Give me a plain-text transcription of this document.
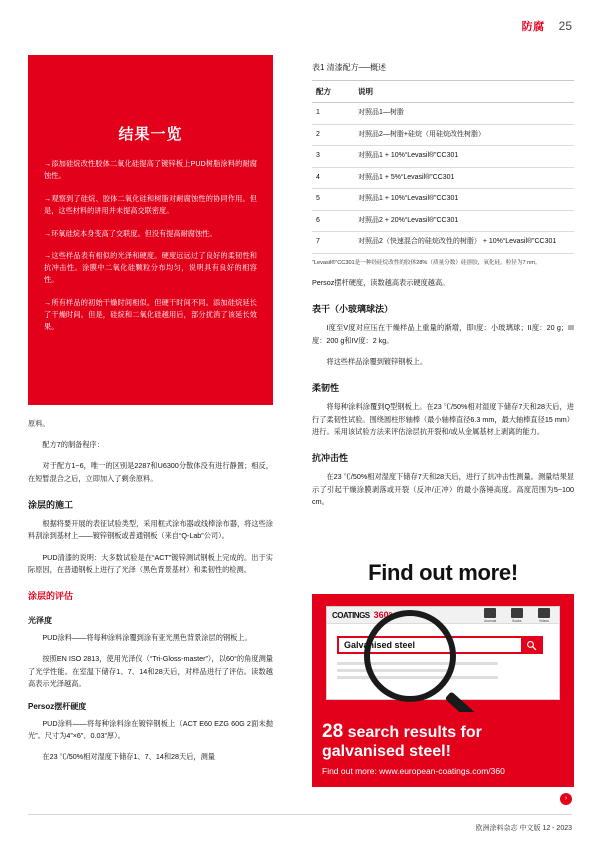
防腐 25
结果一览

→添加硅烷改性胶体二氧化硅提高了镀锌板上PUD树脂涂料的耐腐蚀性。

→观察到了硅烷、胶体二氧化硅和树脂对耐腐蚀性的协同作用。但是，这些材料的讲用并未提高交联密度。

→环氧硅烷本身变高了交联度。但没有提高耐腐蚀性。

→这些样品表有相似的光泽和硬度。硬度远远过了良好的柔韧性和抗冲击性。涂膜中二氧化硅颗粒分布均匀，说明具有良好的相容性。

→所有样品的初始干燥时间相似。但硬干时间不同。添加硅烷延长了干燥时间。但是，硅烷和二氧化硅越用后，部分扰消了该延长效果。

原料。

配方7的制备程序：

对于配方1~6，唯一的区别是2287和U6300分散体没有进行静置；相反，在短暂混合之后，立即加入了剩余原料。

涂层的施工

根据将要开展的表征试验类型，采用框式涂布器或线棒涂布器，将这些涂料刮涂到基材上——镀锌钢板或普通钢板（来自“Q-Lab”公司）。

PUD清漆的说明：大多数试验是在“ACT”镀锌测试钢板上完成的。出于实际原因，在普通钢板上进行了光泽（黑色背景基材）和柔韧性的检测。

涂层的评估
光泽度

PUD涂料——将每种涂料涂覆到涂有亚光黑色背景涂层的钢板上。

按照EN ISO 2813，使用光泽仪（“Tri-Gloss-master”），以60°的角度测量了光学性能。在室温下储存1、7、14和28天后，对样品进行了评估。读数越高表示光泽越高。

Persoz摆杆硬度

PUD涂料——将每种涂料涂在镀锌钢板上（ACT E60 EZG 60G 2面未抛光”。尺寸为4”×6”、0.03”厚）。

在23 ℃/50%相对湿度下储存1、7、14和28天后，测量

表1 清漆配方──概述
配方	说明
1	对照品1—树脂
2	对照品2—树脂+硅烷（用硅烷改性树脂）
3	对照品1 + 10%“Levasil®”CC301
4	对照品1 + 5%“Levasil®”CC301
5	对照品1 + 10%“Levasil®”CC301
6	对照品2 + 20%“Levasil®”CC301
7	对照品2（快速混合的硅烷改性的树脂） + 10%“Levasil®”CC301
“Levasil®”CC301是一种经硅烷改性的胶体28%（质量分数）硅溶胶，氧化硅，粒径为7 nm。

Persoz摆杆硬度，读数越高表示硬度越高。

表干（小玻璃球法）

I度至V度对应压在干燥样品上重量的渐增，即I度：小玻璃球；II度：20 g；III度：200 g和IV度：2 kg。

将这些样品涂覆到镀锌钢板上。

柔韧性

将每种涂料涂覆到Q型钢板上。在23 ℃/50%相对湿度下储存7天和28天后，进行了柔韧性试验。围绕圆柱形轴棒（最小轴棒直径6.3 mm，最大轴棒直径15 mm）进行。采用该试验方法来评估涂层抗开裂和/或从金属基材上剥离的能力。

抗冲击性

在23 ℃/50%相对湿度下储存7天和28天后，进行了抗冲击性测量。测量结果显示了引起干燥涂膜剥落或开裂（反冲/正冲）的最小落锤高度。高度范围为5~100 cm。

Find out more!
COATINGS 360°
Journals	Books	Videos
Galvanised steel
28 search results for galvanised steel!
Find out more: www.european-coatings.com/360
›
欧洲涂料杂志 中文版 12 - 2023
